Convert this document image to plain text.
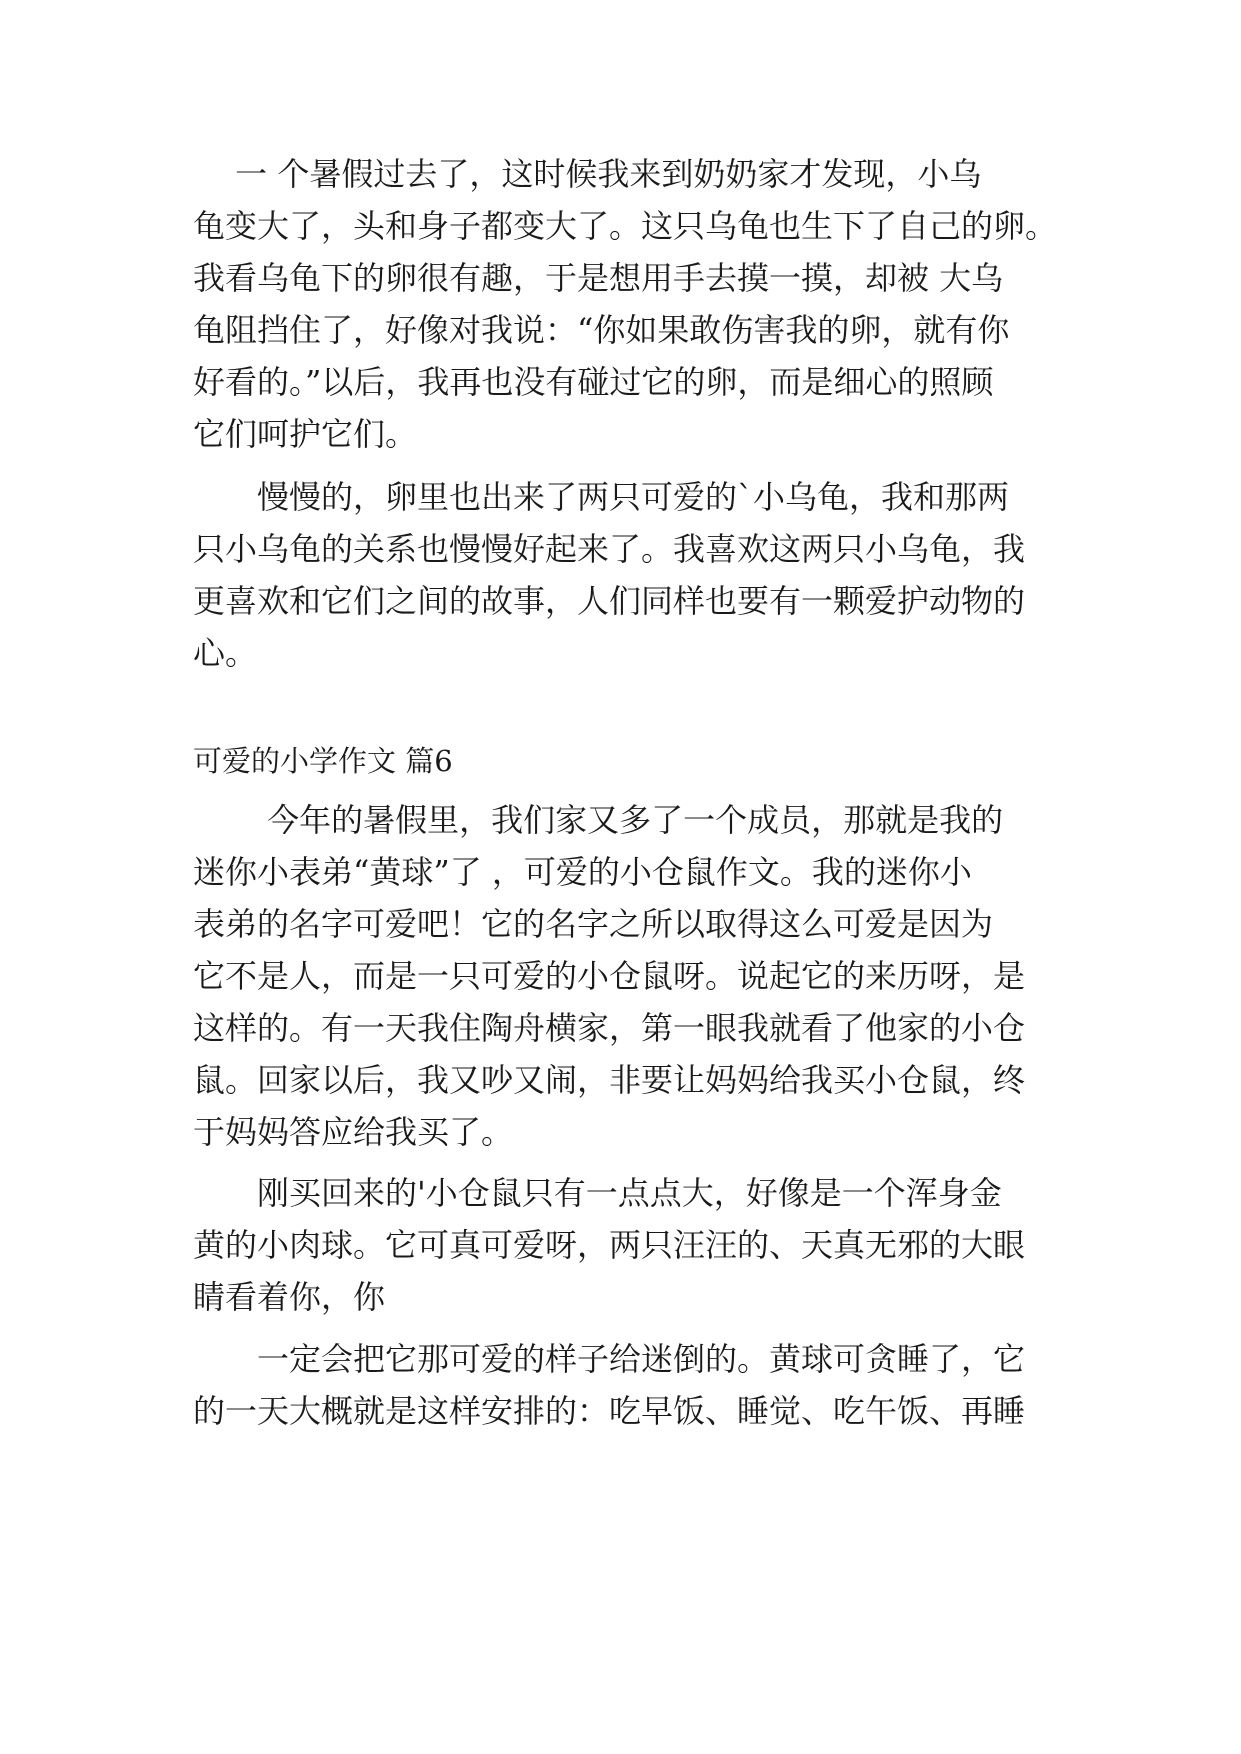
　 一 个暑假过去了，这时候我来到奶奶家才发现，小乌
龟变大了，头和身子都变大了。这只乌龟也生下了自己的卵。
我看乌龟下的卵很有趣，于是想用手去摸一摸，却被 大乌
龟阻挡住了，好像对我说：“你如果敢伤害我的卵，就有你
好看的。”以后，我再也没有碰过它的卵，而是细心的照顾
它们呵护它们。
　　慢慢的，卵里也出来了两只可爱的`小乌龟，我和那两
只小乌龟的关系也慢慢好起来了。我喜欢这两只小乌龟，我
更喜欢和它们之间的故事，人们同样也要有一颗爱护动物的
心。
可爱的小学作文 篇6
　　 今年的暑假里，我们家又多了一个成员，那就是我的
迷你小表弟“黄球”了 ，可爱的小仓鼠作文。我的迷你小
表弟的名字可爱吧！它的名字之所以取得这么可爱是因为
它不是人，而是一只可爱的小仓鼠呀。说起它的来历呀，是
这样的。有一天我住陶舟横家，第一眼我就看了他家的小仓
鼠。回家以后，我又吵又闹，非要让妈妈给我买小仓鼠，终
于妈妈答应给我买了。
　　刚买回来的'小仓鼠只有一点点大，好像是一个浑身金
黄的小肉球。它可真可爱呀，两只汪汪的、天真无邪的大眼
睛看着你，你
　　一定会把它那可爱的样子给迷倒的。黄球可贪睡了，它
的一天大概就是这样安排的：吃早饭、睡觉、吃午饭、再睡
